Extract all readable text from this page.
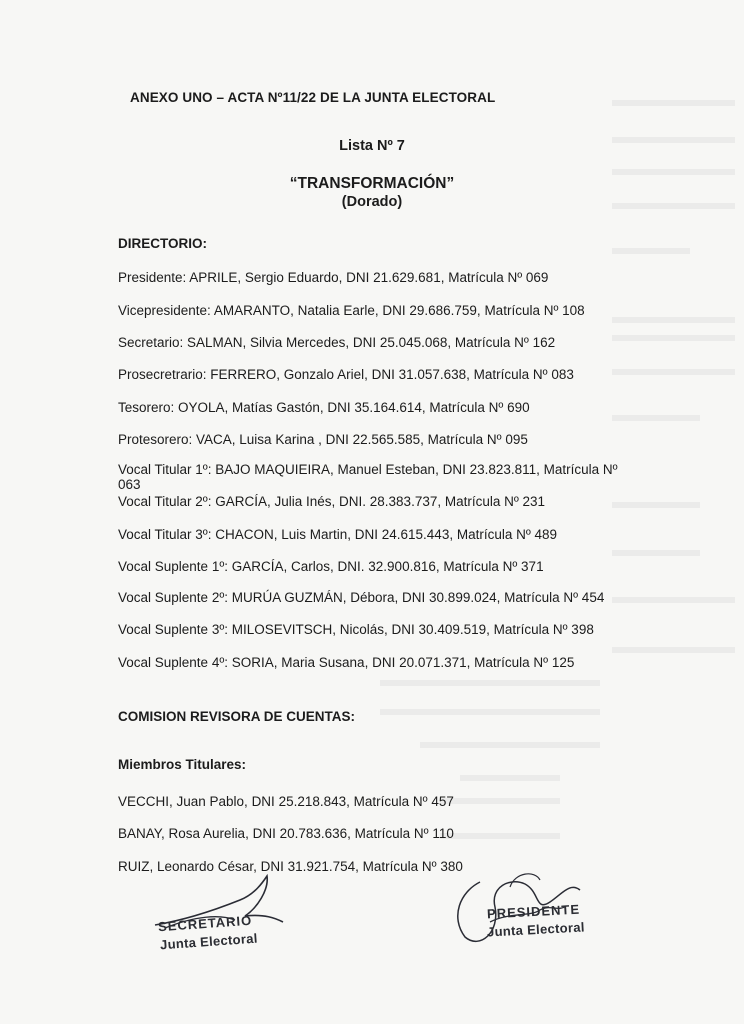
ANEXO UNO – ACTA Nº11/22 DE LA JUNTA ELECTORAL
Lista Nº 7
“TRANSFORMACIÓN”
(Dorado)
DIRECTORIO:
Presidente: APRILE, Sergio Eduardo, DNI 21.629.681, Matrícula Nº 069
Vicepresidente: AMARANTO, Natalia Earle, DNI 29.686.759, Matrícula Nº 108
Secretario: SALMAN, Silvia Mercedes, DNI 25.045.068, Matrícula Nº 162
Prosecretrario: FERRERO, Gonzalo Ariel, DNI 31.057.638, Matrícula Nº 083
Tesorero: OYOLA, Matías Gastón, DNI 35.164.614, Matrícula Nº 690
Protesorero: VACA, Luisa Karina , DNI 22.565.585, Matrícula Nº 095
Vocal Titular 1º: BAJO MAQUIEIRA, Manuel Esteban, DNI 23.823.811, Matrícula Nº 063
Vocal Titular 2º: GARCÍA, Julia Inés, DNI. 28.383.737, Matrícula Nº 231
Vocal Titular 3º: CHACON, Luis Martin, DNI 24.615.443, Matrícula Nº 489
Vocal Suplente 1º: GARCÍA, Carlos, DNI. 32.900.816, Matrícula Nº 371
Vocal Suplente 2º: MURÚA GUZMÁN, Débora, DNI 30.899.024, Matrícula Nº 454
Vocal Suplente 3º: MILOSEVITSCH, Nicolás, DNI 30.409.519, Matrícula Nº 398
Vocal Suplente 4º: SORIA, Maria Susana, DNI 20.071.371, Matrícula Nº 125
COMISION REVISORA DE CUENTAS:
Miembros Titulares:
VECCHI, Juan Pablo, DNI 25.218.843, Matrícula Nº 457
BANAY, Rosa Aurelia, DNI 20.783.636, Matrícula Nº 110
RUIZ, Leonardo César, DNI 31.921.754, Matrícula Nº 380
SECRETARIO
Junta Electoral
PRESIDENTE
Junta Electoral
